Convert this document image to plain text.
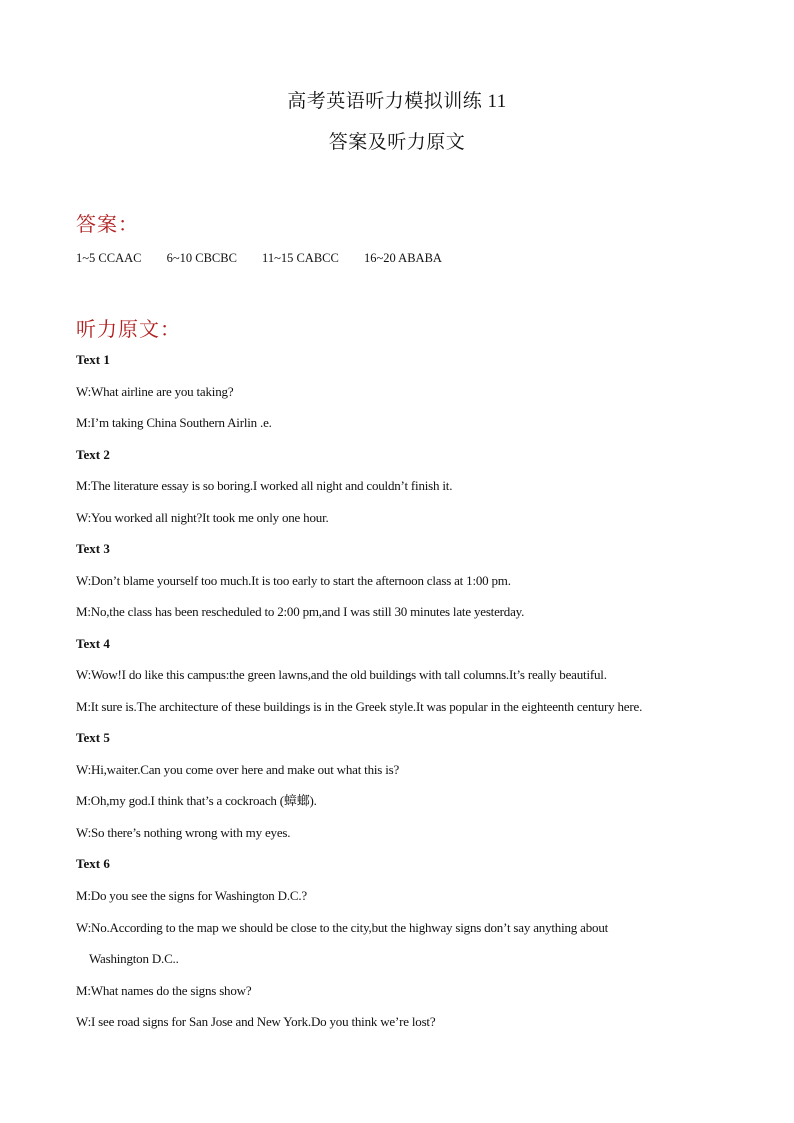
高考英语听力模拟训练 11
答案及听力原文
答案：
1~5 CCAAC 6~10 CBCBC 11~15 CABCC 16~20 ABABA
听力原文：
Text 1
W:What airline are you taking?
M:I’m taking China Southern Airlin .e.
Text 2
M:The literature essay is so boring.I worked all night and couldn’t finish it.
W:You worked all night?It took me only one hour.
Text 3
W:Don’t blame yourself too much.It is too early to start the afternoon class at 1:00 pm.
M:No,the class has been rescheduled to 2:00 pm,and I was still 30 minutes late yesterday.
Text 4
W:Wow!I do like this campus:the green lawns,and the old buildings with tall columns.It’s really beautiful.
M:It sure is.The architecture of these buildings is in the Greek style.It was popular in the eighteenth century here.
Text 5
W:Hi,waiter.Can you come over here and make out what this is?
M:Oh,my god.I think that’s a cockroach (蟑螂).
W:So there’s nothing wrong with my eyes.
Text 6
M:Do you see the signs for Washington D.C.?
W:No.According to the map we should be close to the city,but the highway signs don’t say anything about
Washington D.C..
M:What names do the signs show?
W:I see road signs for San Jose and New York.Do you think we’re lost?
